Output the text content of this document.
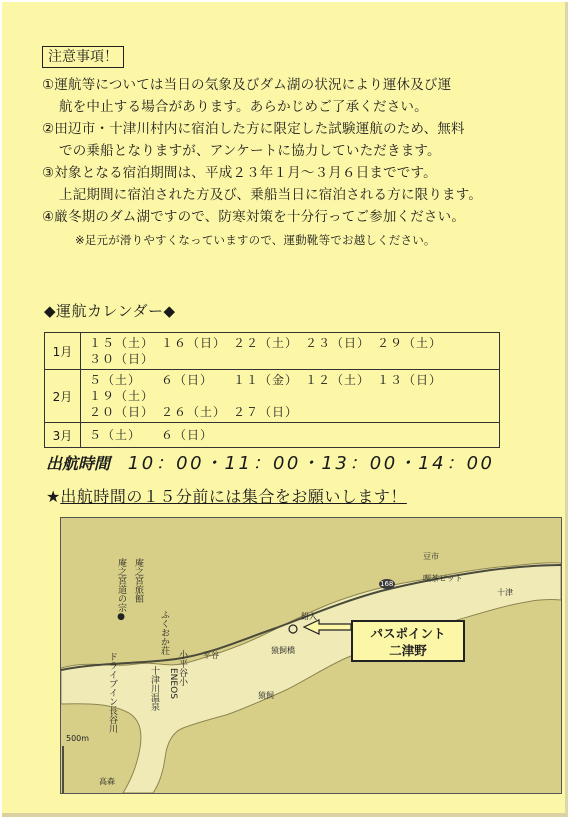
注意事項！
①運航等については当日の気象及びダム湖の状況により運休及び運
航を中止する場合があります。あらかじめご了承ください。
②田辺市・十津川村内に宿泊した方に限定した試験運航のため、無料
での乗船となりますが、アンケートに協力していただきます。
③対象となる宿泊期間は、平成２３年１月～３月６日までです。
上記期間に宿泊された方及び、乗船当日に宿泊される方に限ります。
④厳冬期のダム湖ですので、防寒対策を十分行ってご参加ください。
※足元が滑りやすくなっていますので、運動靴等でお越しください。
◆運航カレンダー◆
1月	１５（土） １６（日） ２２（土） ２３（日） ２９（土）３０（日）
2月	５（土） ６（日） １１（金） １２（土） １３（日）１９（土）
２０（日） ２６（土） ２７（日）

3月	５（土） ６（日）
出航時間 10：00・11：00・13：00・14：00
★出航時間の１５分前には集合をお願いします！
168
豆市
喫茶ピット
十津
鉛入
平谷
猿飼橋
猿飼
500m
高森
小平谷小
庵之宮道の宗● 庵之宮旅館
ふくおか荘
十津川温泉 ENEOS
ドライブイン長谷川
パスポイント
二津野
